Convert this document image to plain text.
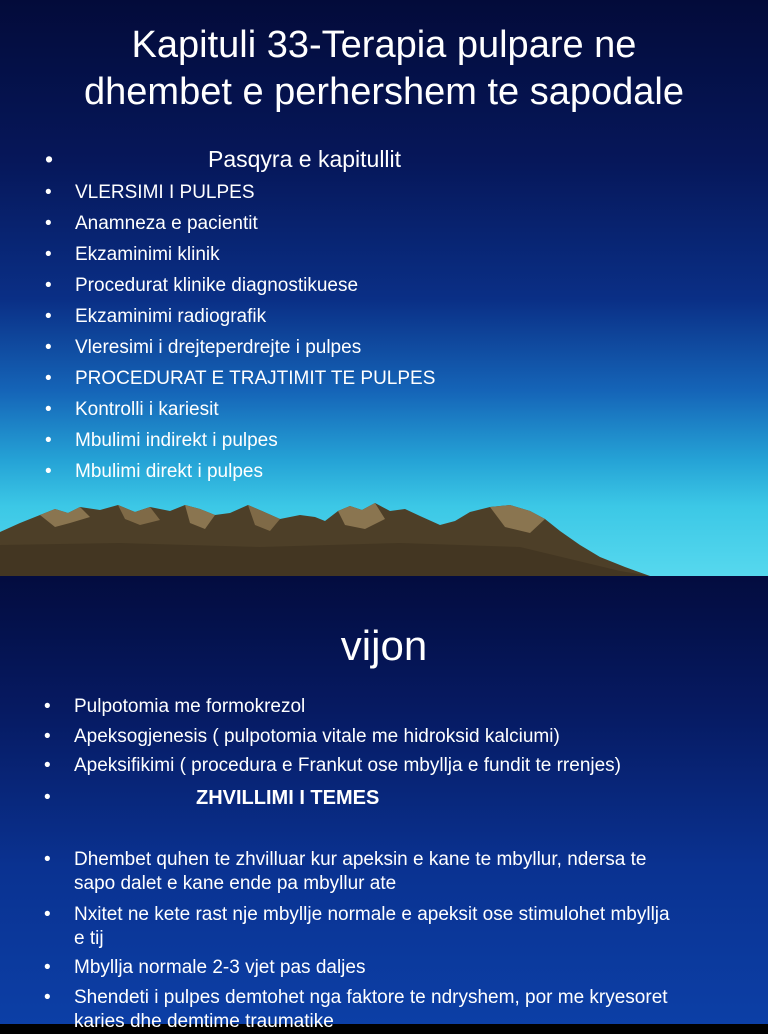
Kapituli 33-Terapia pulpare ne
dhembet e perhershem te sapodale
•	Pasqyra e kapitullit
• VLERSIMI I PULPES
• Anamneza e pacientit
• Ekzaminimi klinik
• Procedurat klinike diagnostikuese
• Ekzaminimi radiografik
• Vleresimi i drejteperdrejte i pulpes
• PROCEDURAT E TRAJTIMIT TE PULPES
• Kontrolli i kariesit
• Mbulimi indirekt i pulpes
• Mbulimi direkt i pulpes
vijon
• Pulpotomia me formokrezol
• Apeksogjenesis ( pulpotomia vitale me hidroksid kalciumi)
• Apeksifikimi ( procedura e Frankut ose mbyllja e fundit te rrenjes)
•	ZHVILLIMI I TEMES
• Dhembet quhen te zhvilluar kur apeksin e kane te mbyllur, ndersa te
sapo dalet e kane ende pa mbyllur ate
• Nxitet ne kete rast nje mbyllje normale e apeksit ose stimulohet mbyllja
e tij
• Mbyllja normale 2-3 vjet pas daljes
• Shendeti i pulpes demtohet nga faktore te ndryshem, por me kryesoret
karies dhe demtime traumatike
